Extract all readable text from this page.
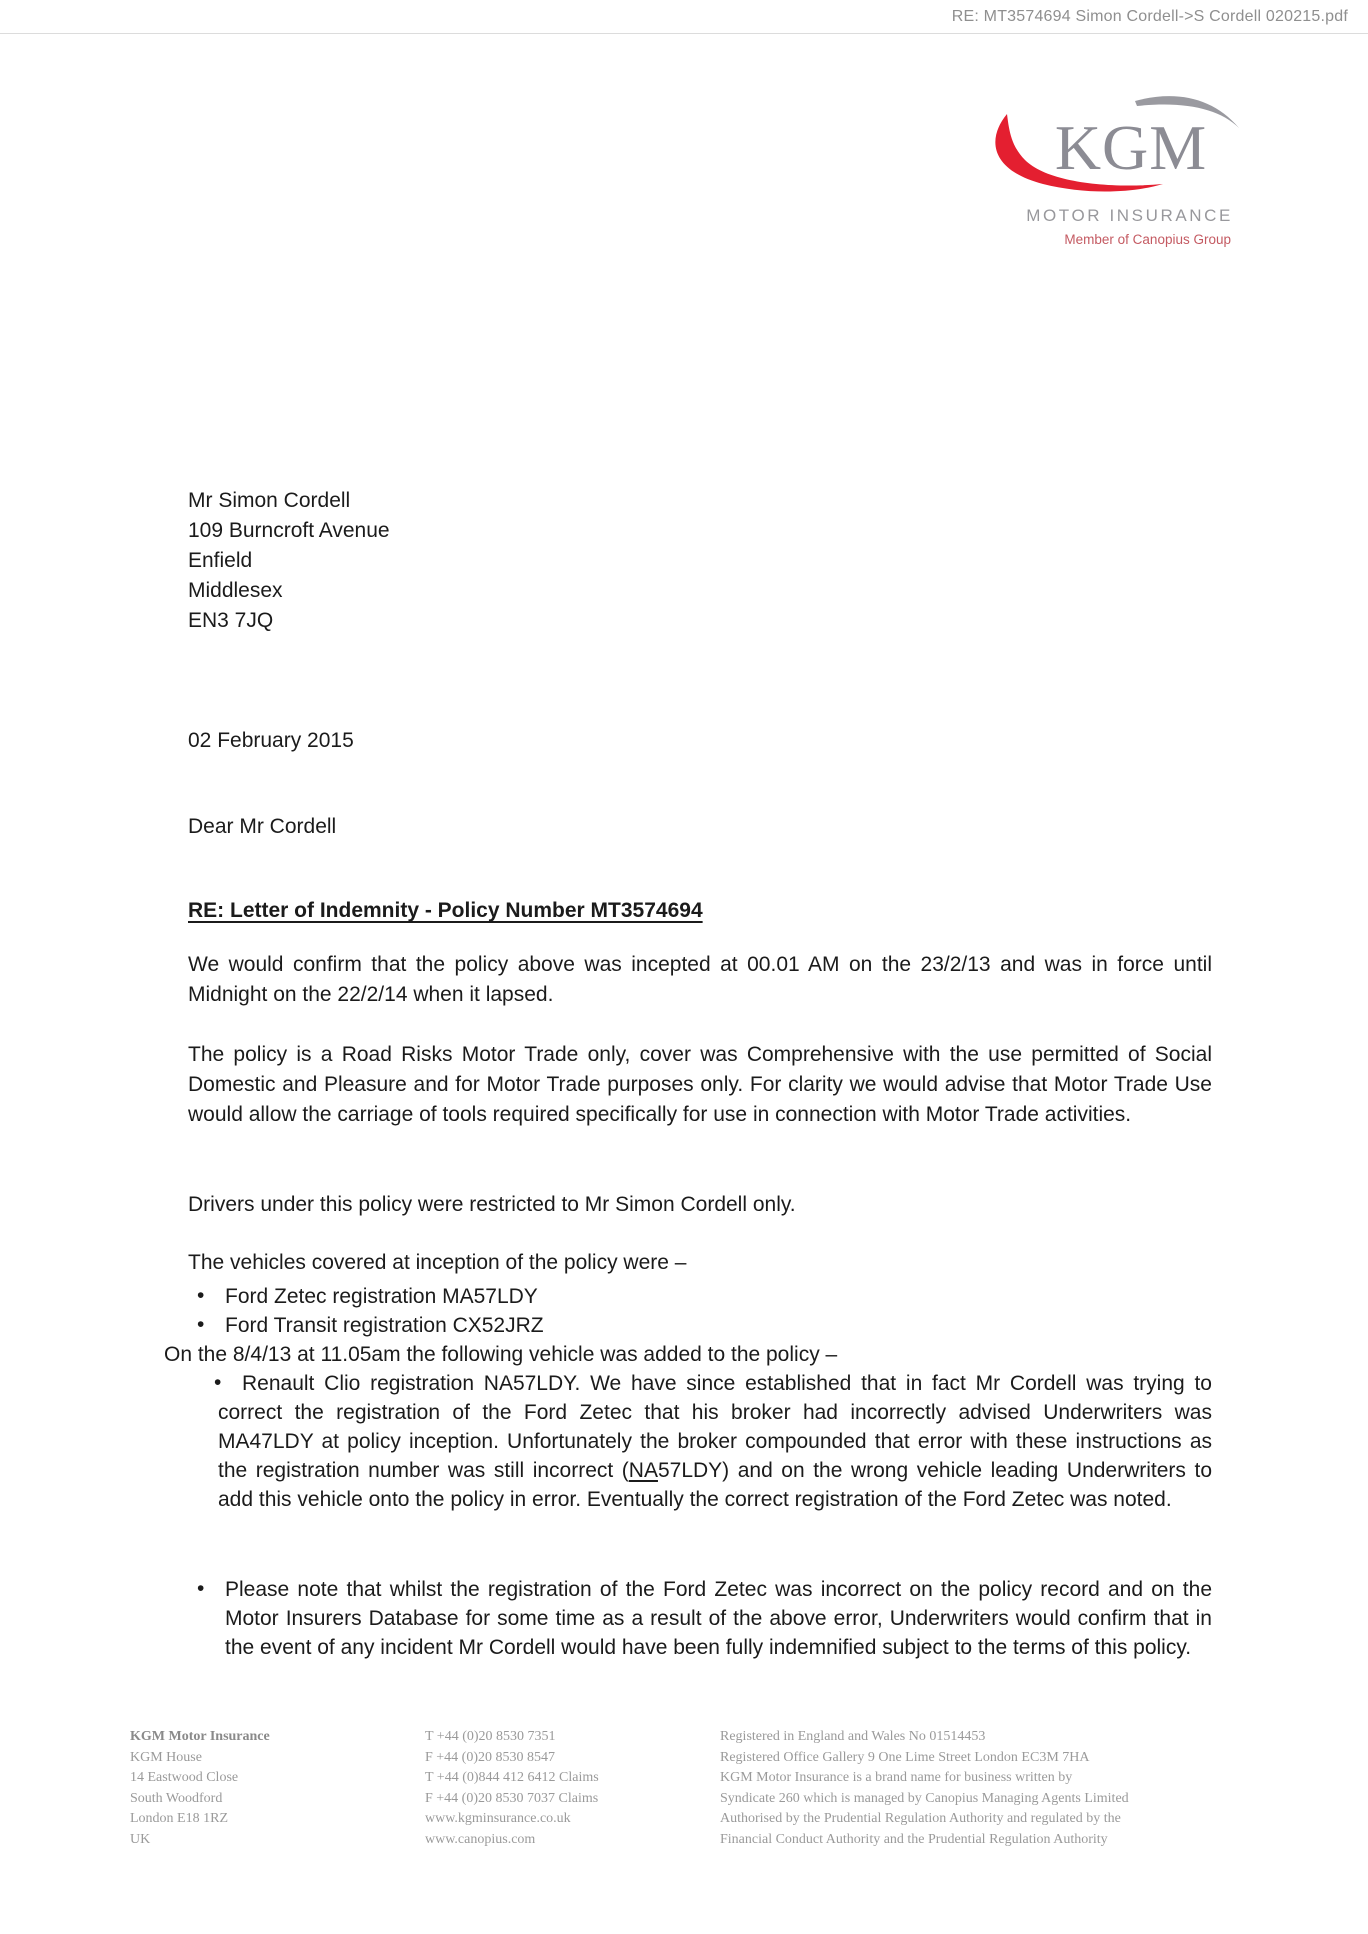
RE: MT3574694 Simon Cordell->S Cordell 020215.pdf
KGM
MOTOR INSURANCE
Member of Canopius Group
Mr Simon Cordell
109 Burncroft Avenue
Enfield
Middlesex
EN3 7JQ
02 February 2015
Dear Mr Cordell
RE: Letter of Indemnity - Policy Number MT3574694
We would confirm that the policy above was incepted at 00.01 AM on the 23/2/13 and was in force until Midnight on the 22/2/14 when it lapsed.
The policy is a Road Risks Motor Trade only, cover was Comprehensive with the use permitted of Social Domestic and Pleasure and for Motor Trade purposes only. For clarity we would advise that Motor Trade Use would allow the carriage of tools required specifically for use in connection with Motor Trade activities.
Drivers under this policy were restricted to Mr Simon Cordell only.
The vehicles covered at inception of the policy were –
• Ford Zetec registration MA57LDY
• Ford Transit registration CX52JRZ
On the 8/4/13 at 11.05am the following vehicle was added to the policy –
• Renault Clio registration NA57LDY. We have since established that in fact Mr Cordell was trying to correct the registration of the Ford Zetec that his broker had incorrectly advised Underwriters was MA47LDY at policy inception. Unfortunately the broker compounded that error with these instructions as the registration number was still incorrect (NA57LDY) and on the wrong vehicle leading Underwriters to add this vehicle onto the policy in error. Eventually the correct registration of the Ford Zetec was noted.
• Please note that whilst the registration of the Ford Zetec was incorrect on the policy record and on the Motor Insurers Database for some time as a result of the above error, Underwriters would confirm that in the event of any incident Mr Cordell would have been fully indemnified subject to the terms of this policy.
KGM Motor Insurance
KGM House
14 Eastwood Close
South Woodford
London E18 1RZ
UK
T +44 (0)20 8530 7351
F +44 (0)20 8530 8547
T +44 (0)844 412 6412 Claims
F +44 (0)20 8530 7037 Claims
www.kgminsurance.co.uk
www.canopius.com
Registered in England and Wales No 01514453
Registered Office Gallery 9 One Lime Street London EC3M 7HA
KGM Motor Insurance is a brand name for business written by
Syndicate 260 which is managed by Canopius Managing Agents Limited
Authorised by the Prudential Regulation Authority and regulated by the
Financial Conduct Authority and the Prudential Regulation Authority
